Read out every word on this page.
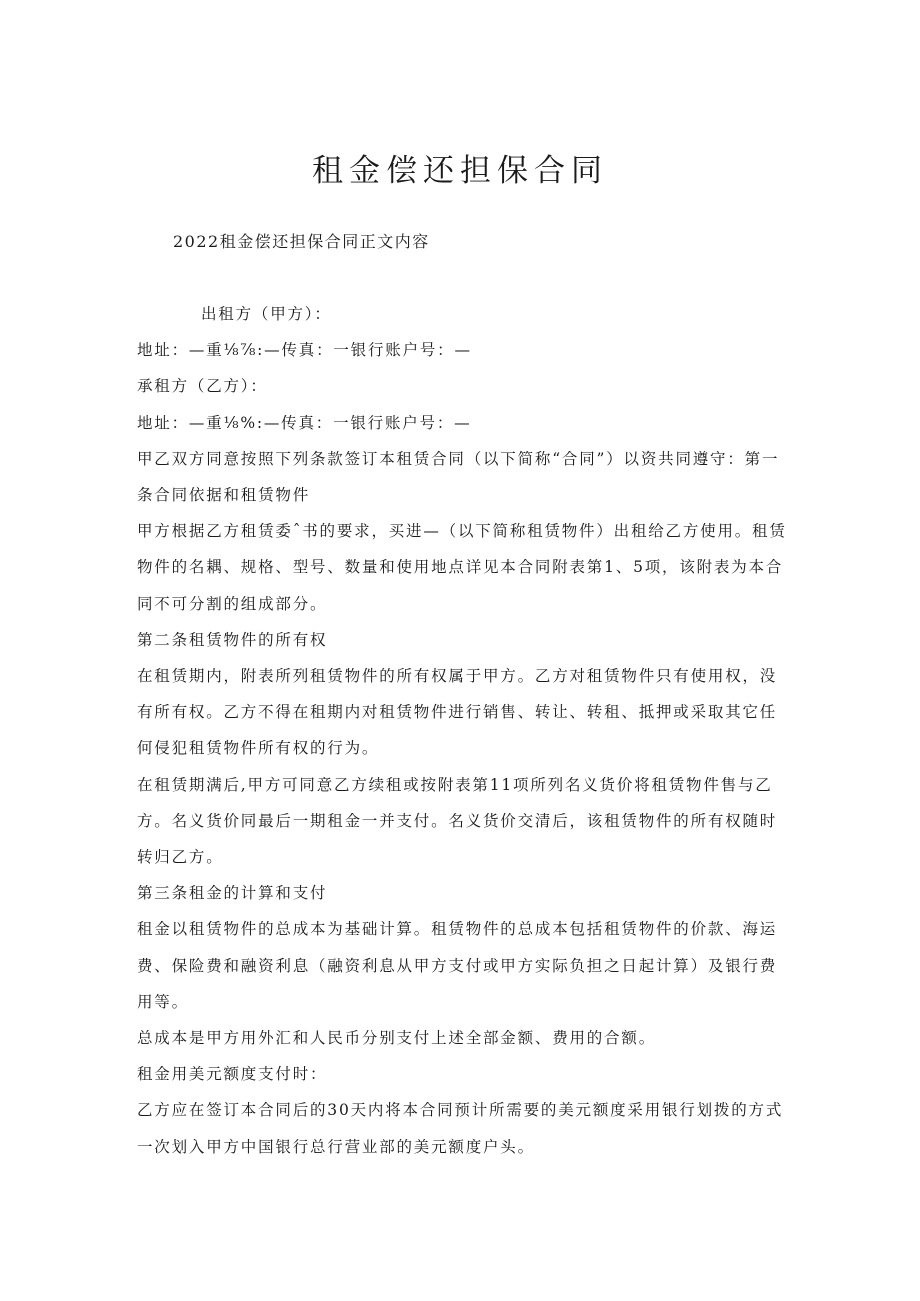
租金偿还担保合同
2022租金偿还担保合同正文内容

出租方（甲方）：

地址：—重⅛⅞:—传真：一银行账户号：—

承租方（乙方）：

地址：—重⅛%:—传真：一银行账户号：—

甲乙双方同意按照下列条款签订本租赁合同（以下简称“合同”）以资共同遵守：第一条合同依据和租赁物件

甲方根据乙方租赁委ˆ书的要求，买进—（以下简称租赁物件）出租给乙方使用。租赁物件的名耦、规格、型号、数量和使用地点详见本合同附表第1、5项，该附表为本合同不可分割的组成部分。

第二条租赁物件的所有权

在租赁期内，附表所列租赁物件的所有权属于甲方。乙方对租赁物件只有使用权，没有所有权。乙方不得在租期内对租赁物件进行销售、转让、转租、抵押或采取其它任何侵犯租赁物件所有权的行为。

在租赁期满后,甲方可同意乙方续租或按附表第11项所列名义货价将租赁物件售与乙方。名义货价同最后一期租金一并支付。名义货价交清后，该租赁物件的所有权随时转归乙方。

第三条租金的计算和支付

租金以租赁物件的总成本为基础计算。租赁物件的总成本包括租赁物件的价款、海运费、保险费和融资利息（融资利息从甲方支付或甲方实际负担之日起计算）及银行费用等。

总成本是甲方用外汇和人民币分别支付上述全部金额、费用的合额。

租金用美元额度支付时：

乙方应在签订本合同后的30天内将本合同预计所需要的美元额度采用银行划拨的方式一次划入甲方中国银行总行营业部的美元额度户头。
